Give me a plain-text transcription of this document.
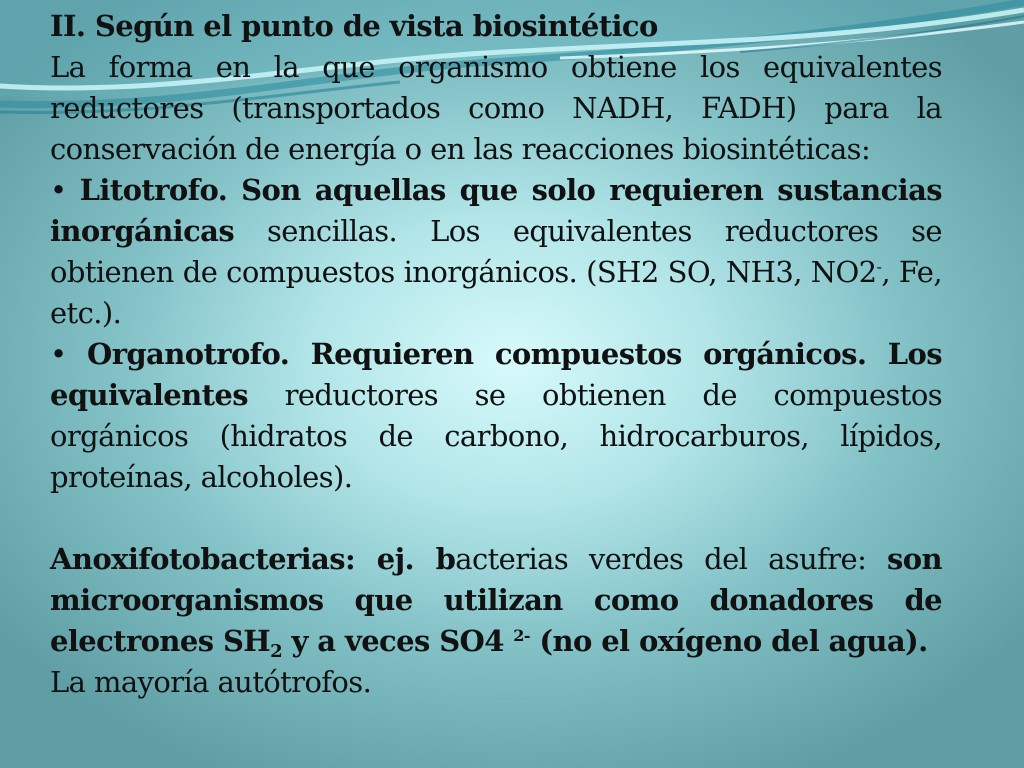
II. Según el punto de vista biosintético

La forma en la que organismo obtiene los equivalentes reductores (transportados como NADH, FADH) para la conservación de energía o en las reacciones biosintéticas:

• Litotrofo. Son aquellas que solo requieren sustancias inorgánicas sencillas. Los equivalentes reductores se obtienen de compuestos inorgánicos. (SH2 SO, NH3, NO2-, Fe, etc.).

• Organotrofo. Requieren compuestos orgánicos. Los equivalentes reductores se obtienen de compuestos orgánicos (hidratos de carbono, hidrocarburos, lípidos, proteínas, alcoholes).

Anoxifotobacterias: ej. bacterias verdes del asufre: son microorganismos que utilizan como donadores de electrones $SH_2$ y a veces SO4 $^{2-}$ (no el oxígeno del agua).

La mayoría autótrofos.
